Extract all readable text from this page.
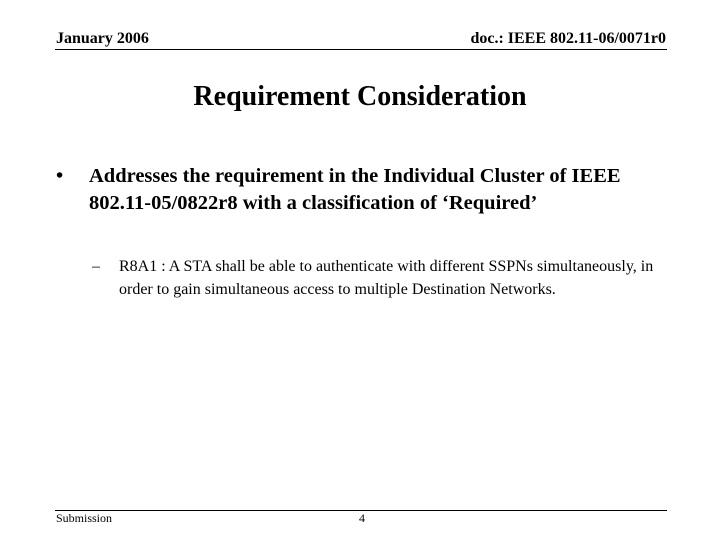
January 2006	doc.: IEEE 802.11-06/0071r0
Requirement Consideration
•	Addresses the requirement in the Individual Cluster of IEEE 802.11-05/0822r8 with a classification of ‘Required’
–	R8A1 : A STA shall be able to authenticate with different SSPNs simultaneously, in order to gain simultaneous access to multiple Destination Networks.
Submission	4
